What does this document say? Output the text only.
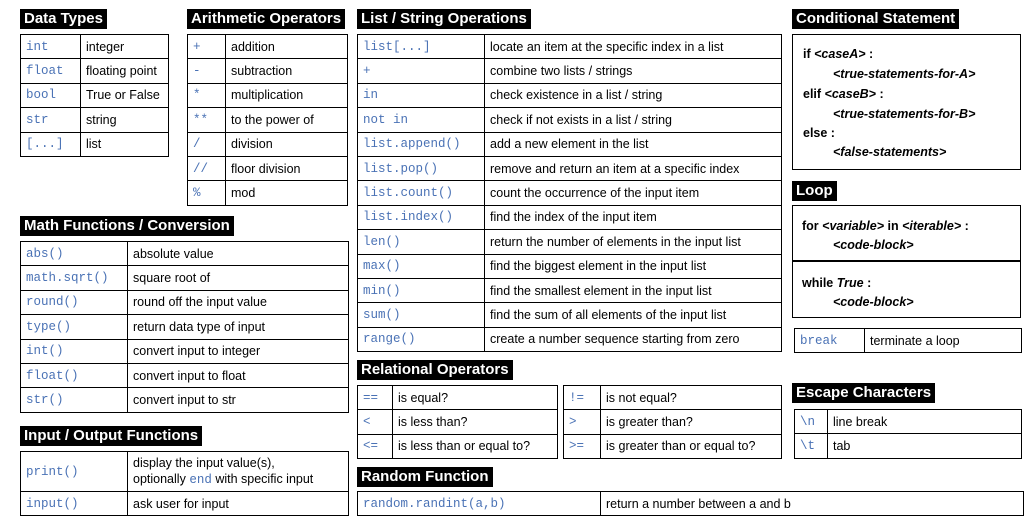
Data Types
int	integer
float	floating point
bool	True or False
str	string
[...]	list
Arithmetic Operators
+	addition
-	subtraction
*	multiplication
**	to the power of
/	division
//	floor division
%	mod
Math Functions / Conversion
abs()	absolute value
math.sqrt()	square root of
round()	round off the input value
type()	return data type of input
int()	convert input to integer
float()	convert input to float
str()	convert input to str
Input / Output Functions
print()	display the input value(s),
optionally end with specific input

input()	ask user for input
List / String Operations
list[...]	locate an item at the specific index in a list
+	combine two lists / strings
in	check existence in a list / string
not in	check if not exists in a list / string
list.append()	add a new element in the list
list.pop()	remove and return an item at a specific index
list.count()	count the occurrence of the input item
list.index()	find the index of the input item
len()	return the number of elements in the input list
max()	find the biggest element in the input list
min()	find the smallest element in the input list
sum()	find the sum of all elements of the input list
range()	create a number sequence starting from zero
Relational Operators
==	is equal?
<	is less than?
<=	is less than or equal to?
!=	is not equal?
>	is greater than?
>=	is greater than or equal to?
Random Function
random.randint(a,b)	return a number between a and b
Conditional Statement
if <caseA> :
<true-statements-for-A>
elif <caseB> :
<true-statements-for-B>
else :
<false-statements>
Loop
for <variable> in <iterable> :
<code-block>
while True :
<code-block>
break	terminate a loop
Escape Characters
\n	line break
\t	tab
